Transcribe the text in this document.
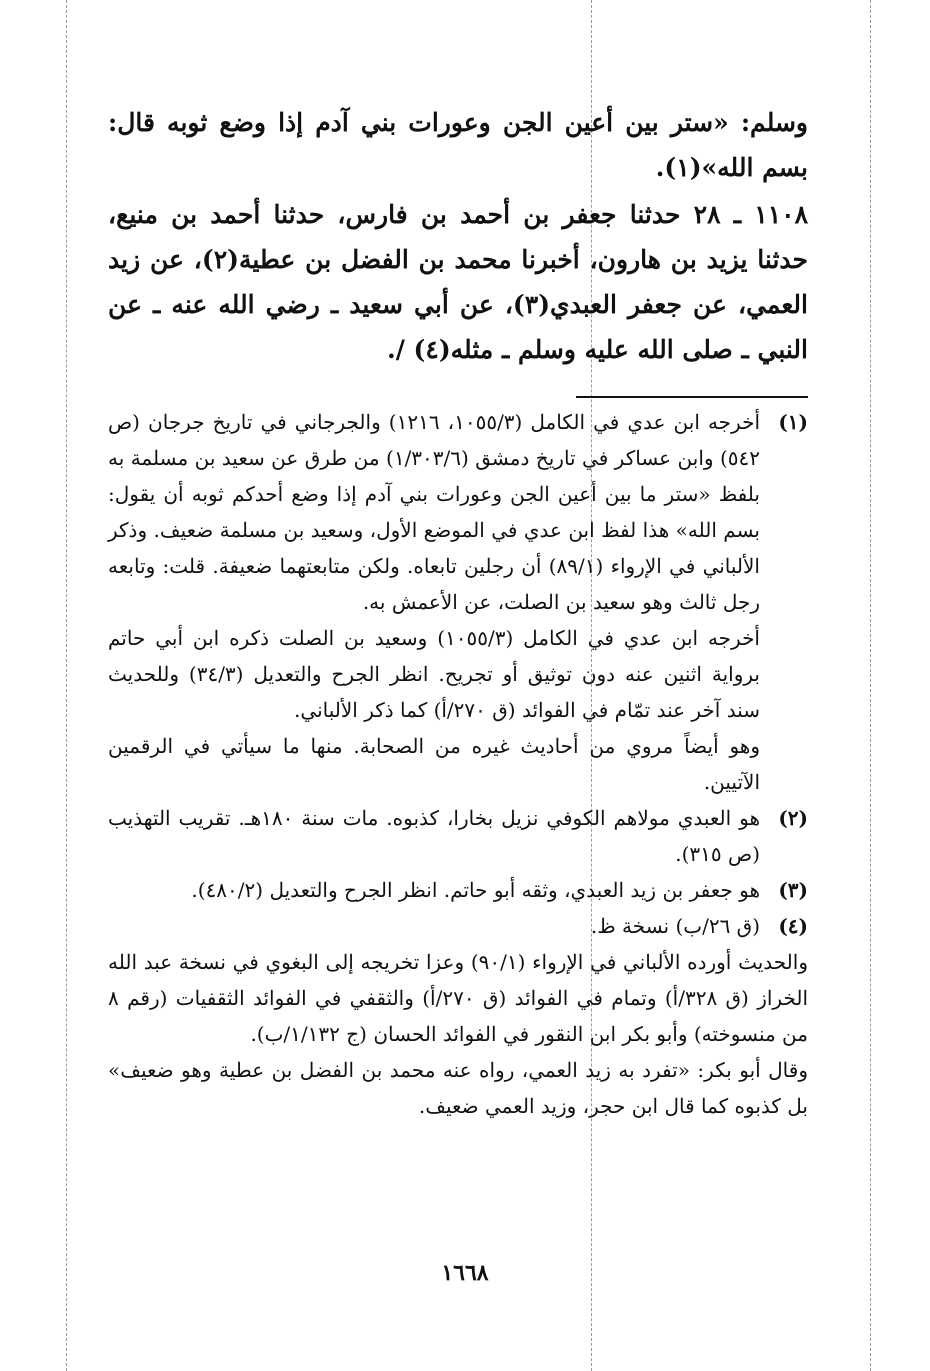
وسلم: «ستر بين أعين الجن وعورات بني آدم إذا وضع ثوبه قال: بسم الله»(١).

١١٠٨ ـ ٢٨ حدثنا جعفر بن أحمد بن فارس، حدثنا أحمد بن منيع، حدثنا يزيد بن هارون، أخبرنا محمد بن الفضل بن عطية(٢)، عن زيد العمي، عن جعفر العبدي(٣)، عن أبي سعيد ـ رضي الله عنه ـ عن النبي ـ صلى الله عليه وسلم ـ مثله(٤) /.

(١)

أخرجه ابن عدي في الكامل (١٠٥٥/٣، ١٢١٦) والجرجاني في تاريخ جرجان (ص ٥٤٢) وابن عساكر في تاريخ دمشق (١/٣٠٣/٦) من طرق عن سعيد بن مسلمة به بلفظ «ستر ما بين أعين الجن وعورات بني آدم إذا وضع أحدكم ثوبه أن يقول: بسم الله» هذا لفظ ابن عدي في الموضع الأول، وسعيد بن مسلمة ضعيف. وذكر الألباني في الإرواء (٨٩/١) أن رجلين تابعاه. ولكن متابعتهما ضعيفة. قلت: وتابعه رجل ثالث وهو سعيد بن الصلت، عن الأعمش به.

أخرجه ابن عدي في الكامل (١٠٥٥/٣) وسعيد بن الصلت ذكره ابن أبي حاتم برواية اثنين عنه دون توثيق أو تجريح. انظر الجرح والتعديل (٣٤/٣) وللحديث سند آخر عند تمّام في الفوائد (ق ٢٧٠/أ) كما ذكر الألباني.

وهو أيضاً مروي من أحاديث غيره من الصحابة. منها ما سيأتي في الرقمين الآتيين.

(٢)

هو العبدي مولاهم الكوفي نزيل بخارا، كذبوه. مات سنة ١٨٠هـ. تقريب التهذيب (ص ٣١٥).

(٣)

هو جعفر بن زيد العبدي، وثقه أبو حاتم. انظر الجرح والتعديل (٤٨٠/٢).

(٤)

(ق ٢٦/ب) نسخة ظ.

والحديث أورده الألباني في الإرواء (٩٠/١) وعزا تخريجه إلى البغوي في نسخة عبد الله الخراز (ق ٣٢٨/أ) وتمام في الفوائد (ق ٢٧٠/أ) والثقفي في الفوائد الثقفيات (رقم ٨ من منسوخته) وأبو بكر ابن النقور في الفوائد الحسان (ج ١/١٣٢/ب).

وقال أبو بكر: «تفرد به زيد العمي، رواه عنه محمد بن الفضل بن عطية وهو ضعيف» بل كذبوه كما قال ابن حجر، وزيد العمي ضعيف.

١٦٦٨
